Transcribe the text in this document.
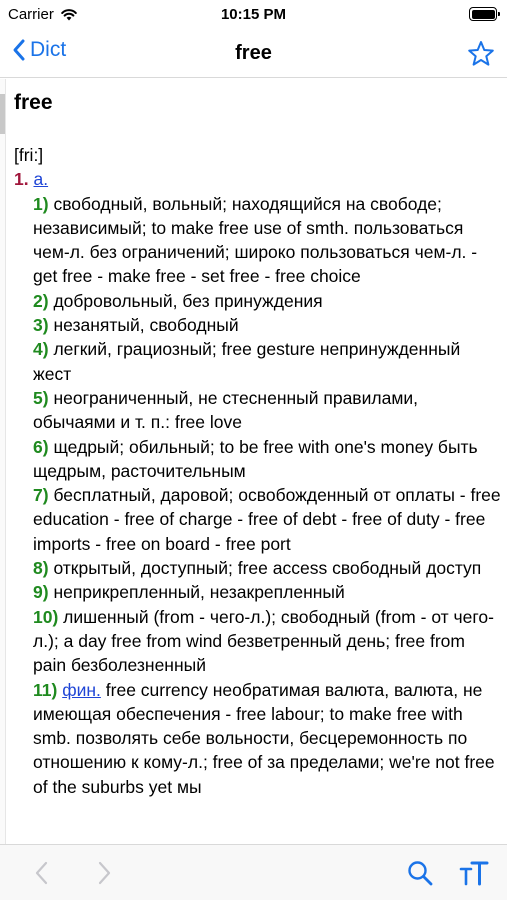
Carrier	10:15 PM
Dict	free
free
[fri:]
1. a.
1) свободный, вольный; находящийся на свободе; независимый; to make free use of smth. пользоваться чем-л. без ограничений; широко пользоваться чем-л. - get free - make free - set free - free choice
2) добровольный, без принуждения
3) незанятый, свободный
4) легкий, грациозный; free gesture непринужденный жест
5) неограниченный, не стесненный правилами, обычаями и т. п.: free love
6) щедрый; обильный; to be free with one's money быть щедрым, расточительным
7) бесплатный, даровой; освобожденный от оплаты - free education - free of charge - free of debt - free of duty - free imports - free on board - free port
8) открытый, доступный; free access свободный доступ
9) неприкрепленный, незакрепленный
10) лишенный (from - чего-л.); свободный (from - от чего-л.); a day free from wind безветренный день; free from pain безболезненный
11) фин. free currency необратимая валюта, валюта, не имеющая обеспечения - free labour; to make free with smb. позволять себе вольности, бесцеремонность по отношению к кому-л.; free of за пределами; we're not free of the suburbs yet мы
